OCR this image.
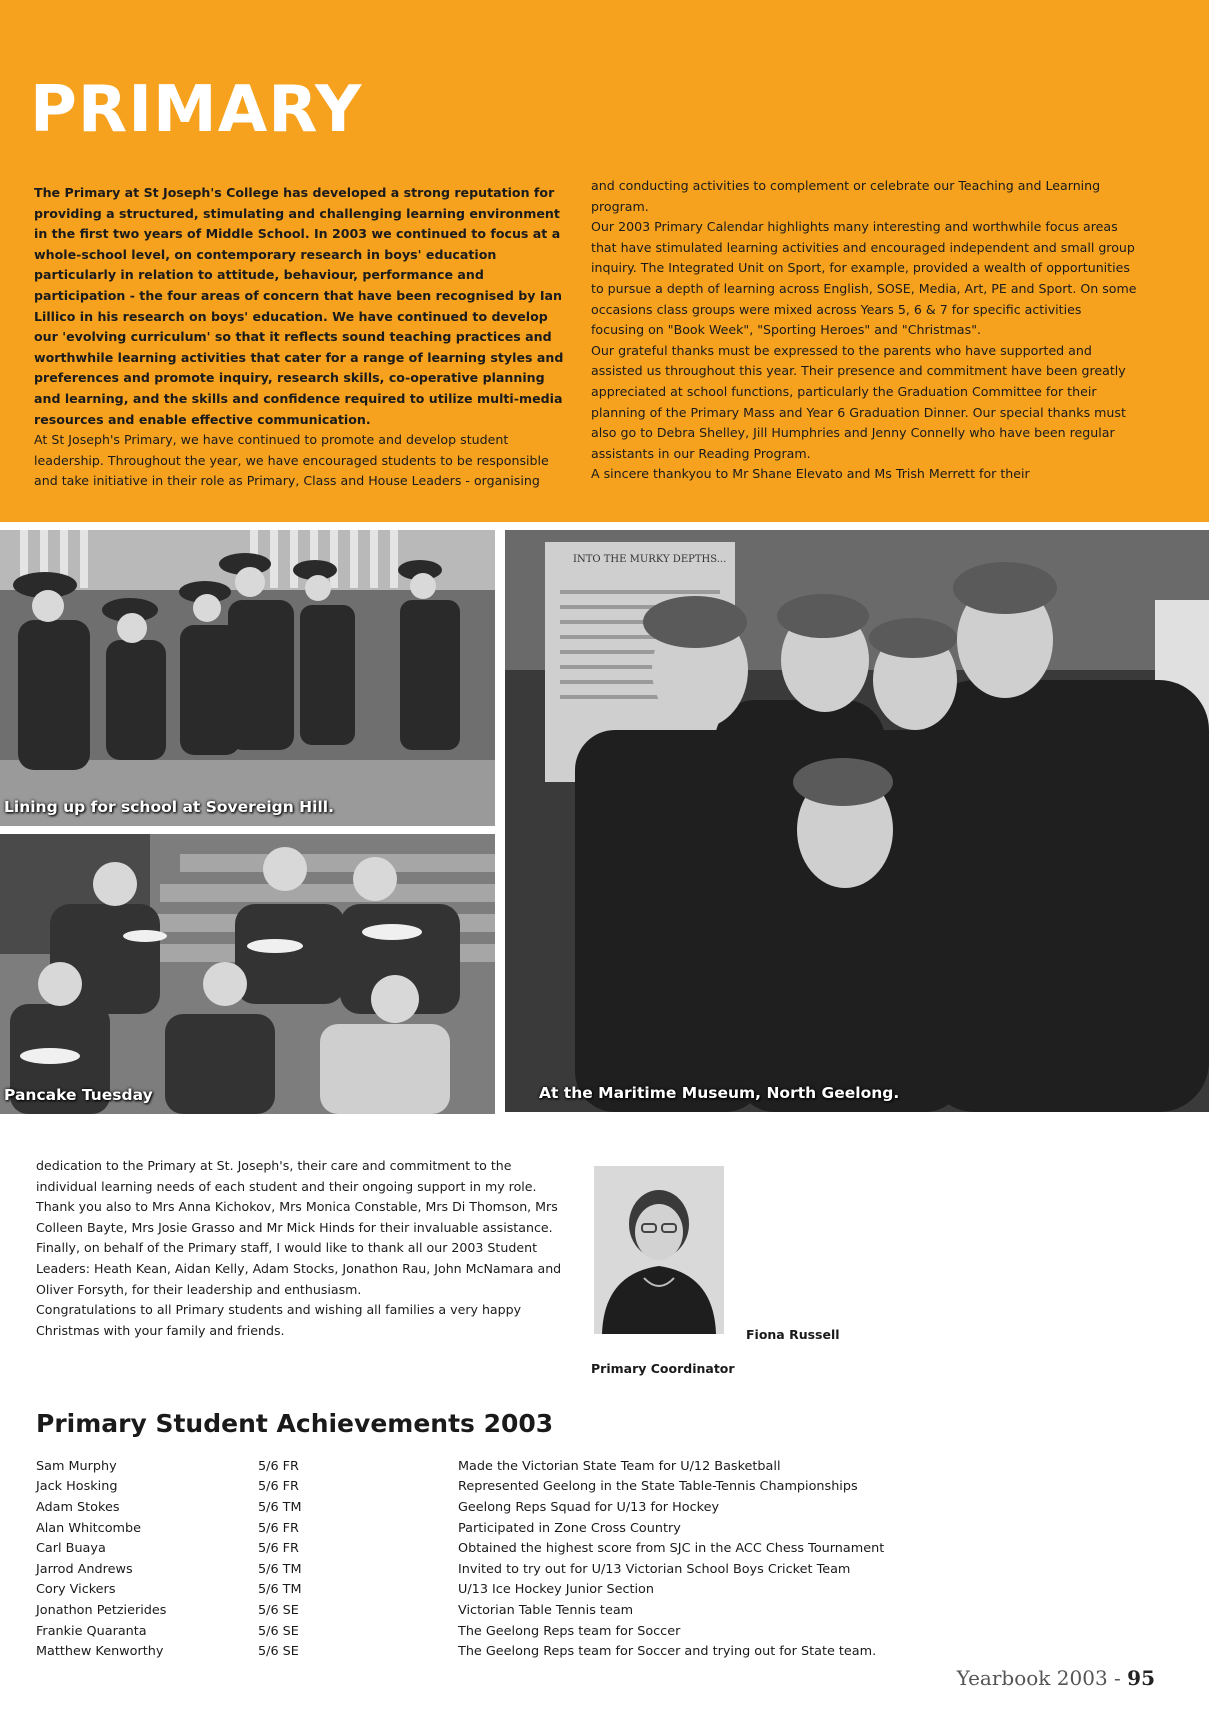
PRIMARY

The Primary at St Joseph's College has developed a strong reputation for providing a structured, stimulating and challenging learning environment in the first two years of Middle School. In 2003 we continued to focus at a whole-school level, on contemporary research in boys' education particularly in relation to attitude, behaviour, performance and participation - the four areas of concern that have been recognised by Ian Lillico in his research on boys' education. We have continued to develop our 'evolving curriculum' so that it reflects sound teaching practices and worthwhile learning activities that cater for a range of learning styles and preferences and promote inquiry, research skills, co-operative planning and learning, and the skills and confidence required to utilize multi-media resources and enable effective communication.

At St Joseph's Primary, we have continued to promote and develop student leadership. Throughout the year, we have encouraged students to be responsible and take initiative in their role as Primary, Class and House Leaders - organising

and conducting activities to complement or celebrate our Teaching and Learning program.

Our 2003 Primary Calendar highlights many interesting and worthwhile focus areas that have stimulated learning activities and encouraged independent and small group inquiry. The Integrated Unit on Sport, for example, provided a wealth of opportunities to pursue a depth of learning across English, SOSE, Media, Art, PE and Sport. On some occasions class groups were mixed across Years 5, 6 & 7 for specific activities focusing on "Book Week", "Sporting Heroes" and "Christmas".

Our grateful thanks must be expressed to the parents who have supported and assisted us throughout this year. Their presence and commitment have been greatly appreciated at school functions, particularly the Graduation Committee for their planning of the Primary Mass and Year 6 Graduation Dinner. Our special thanks must also go to Debra Shelley, Jill Humphries and Jenny Connelly who have been regular assistants in our Reading Program.

A sincere thankyou to Mr Shane Elevato and Ms Trish Merrett for their

Lining up for school at Sovereign Hill.

Pancake Tuesday

INTO THE MURKY DEPTHS...

At the Maritime Museum, North Geelong.

dedication to the Primary at St. Joseph's, their care and commitment to the individual learning needs of each student and their ongoing support in my role. Thank you also to Mrs Anna Kichokov, Mrs Monica Constable, Mrs Di Thomson, Mrs Colleen Bayte, Mrs Josie Grasso and Mr Mick Hinds for their invaluable assistance.

Finally, on behalf of the Primary staff, I would like to thank all our 2003 Student Leaders: Heath Kean, Aidan Kelly, Adam Stocks, Jonathon Rau, John McNamara and Oliver Forsyth, for their leadership and enthusiasm.

Congratulations to all Primary students and wishing all families a very happy Christmas with your family and friends.

Primary Coordinator

Fiona Russell

Primary Student Achievements 2003
Sam Murphy	5/6 FR	Made the Victorian State Team for U/12 Basketball
Jack Hosking	5/6 FR	Represented Geelong in the State Table-Tennis Championships
Adam Stokes	5/6 TM	Geelong Reps Squad for U/13 for Hockey
Alan Whitcombe	5/6 FR	Participated in Zone Cross Country
Carl Buaya	5/6 FR	Obtained the highest score from SJC in the ACC Chess Tournament
Jarrod Andrews	5/6 TM	Invited to try out for U/13 Victorian School Boys Cricket Team
Cory Vickers	5/6 TM	U/13 Ice Hockey Junior Section
Jonathon Petzierides	5/6 SE	Victorian Table Tennis team
Frankie Quaranta	5/6 SE	The Geelong Reps team for Soccer
Matthew Kenworthy	5/6 SE	The Geelong Reps team for Soccer and trying out for State team.
Yearbook 2003 - 95
